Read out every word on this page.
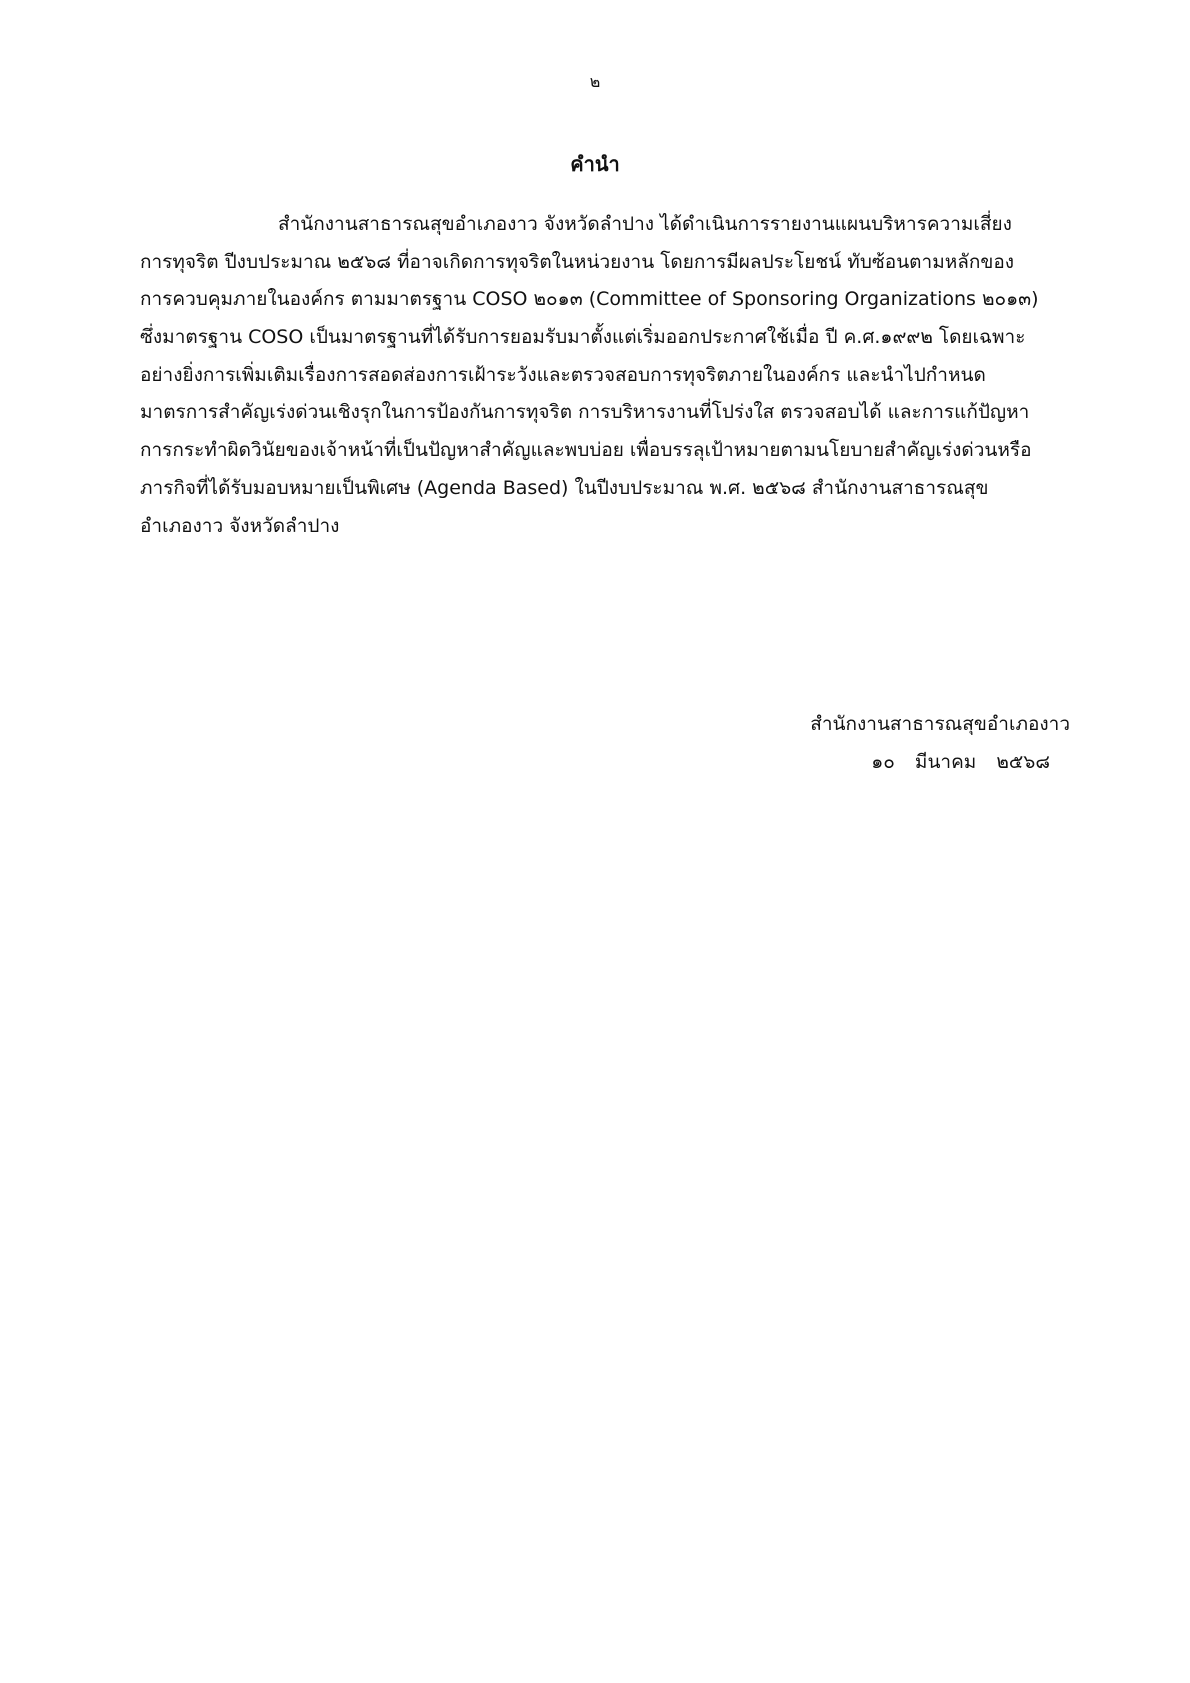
๒
คำนำ
สำนักงานสาธารณสุขอำเภองาว จังหวัดลำปาง ได้ดำเนินการรายงานแผนบริหารความเสี่ยง
การทุจริต ปีงบประมาณ ๒๕๖๘ ที่อาจเกิดการทุจริตในหน่วยงาน โดยการมีผลประโยชน์ ทับซ้อนตามหลักของ
การควบคุมภายในองค์กร ตามมาตรฐาน COSO ๒๐๑๓ (Committee of Sponsoring Organizations ๒๐๑๓)
ซึ่งมาตรฐาน COSO เป็นมาตรฐานที่ได้รับการยอมรับมาตั้งแต่เริ่มออกประกาศใช้เมื่อ ปี ค.ศ.๑๙๙๒ โดยเฉพาะ
อย่างยิ่งการเพิ่มเติมเรื่องการสอดส่องการเฝ้าระวังและตรวจสอบการทุจริตภายในองค์กร และนำไปกำหนด
มาตรการสำคัญเร่งด่วนเชิงรุกในการป้องกันการทุจริต การบริหารงานที่โปร่งใส ตรวจสอบได้ และการแก้ปัญหา
การกระทำผิดวินัยของเจ้าหน้าที่เป็นปัญหาสำคัญและพบบ่อย เพื่อบรรลุเป้าหมายตามนโยบายสำคัญเร่งด่วนหรือ
ภารกิจที่ได้รับมอบหมายเป็นพิเศษ (Agenda Based) ในปีงบประมาณ พ.ศ. ๒๕๖๘ สำนักงานสาธารณสุข
อำเภองาว จังหวัดลำปาง
สำนักงานสาธารณสุขอำเภองาว
๑๐ มีนาคม ๒๕๖๘
